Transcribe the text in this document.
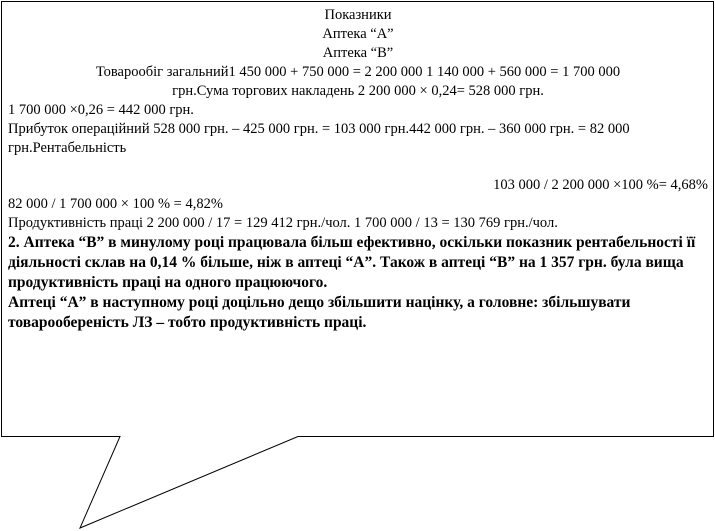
Показники
Аптека “А”
Аптека “В”
Товарообіг загальний1 450 000 + 750 000 = 2 200 000 1 140 000 + 560 000 = 1 700 000
грн.Сума торгових накладень 2 200 000 × 0,24= 528 000 грн.
1 700 000 ×0,26 = 442 000 грн.
Прибуток операційний 528 000 грн. – 425 000 грн. = 103 000 грн.442 000 грн. – 360 000 грн. = 82 000 грн.Рентабельність
103 000 / 2 200 000 ×100 %= 4,68%
82 000 / 1 700 000 × 100 % = 4,82%
Продуктивність праці 2 200 000 / 17 = 129 412 грн./чол. 1 700 000 / 13 = 130 769 грн./чол.
2. Аптека “В” в минулому році працювала більш ефективно, оскільки показник рентабельності її діяльності склав на 0,14 % більше, ніж в аптеці “А”. Також в аптеці “В” на 1 357 грн. була вища продуктивність праці на одного працюючого.
Аптеці “А” в наступному році доцільно дещо збільшити націнку, а головне: збільшувати товарообереність ЛЗ – тобто продуктивність праці.
